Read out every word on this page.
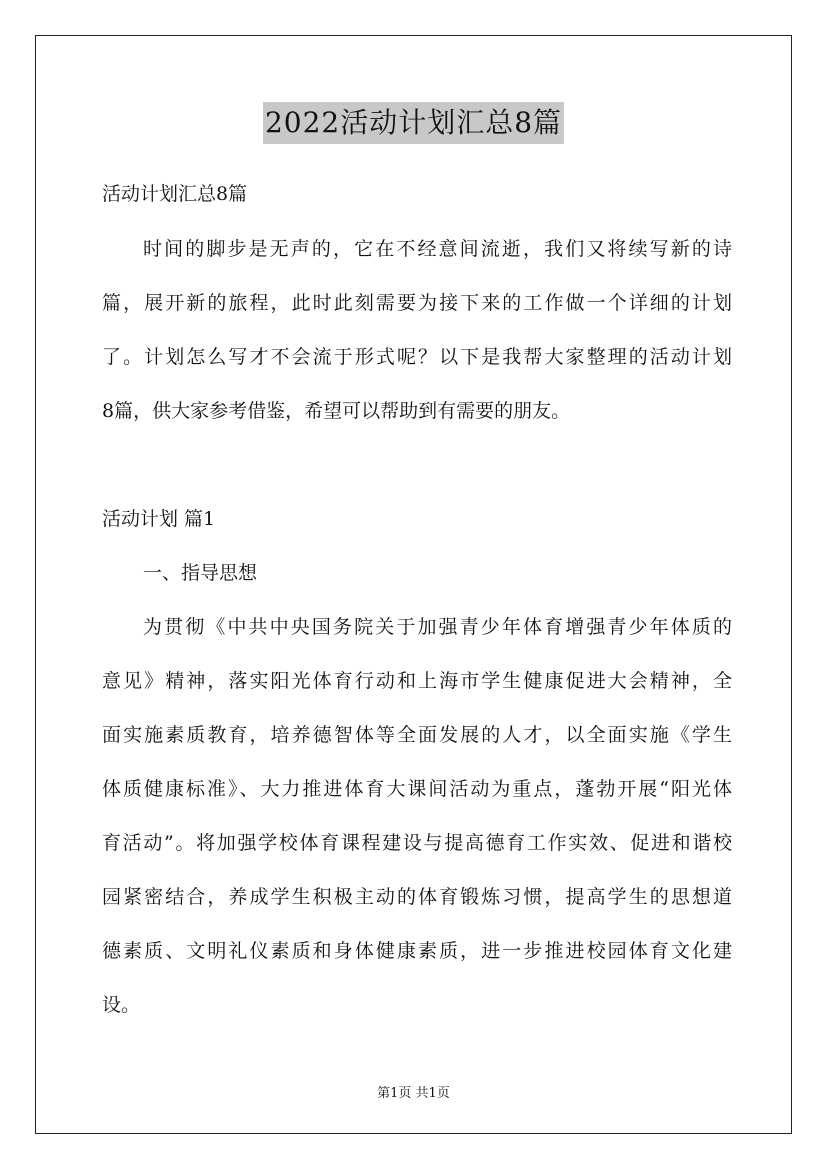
2022活动计划汇总8篇

活动计划汇总8篇

时间的脚步是无声的，它在不经意间流逝，我们又将续写新的诗

篇，展开新的旅程，此时此刻需要为接下来的工作做一个详细的计划

了。计划怎么写才不会流于形式呢？以下是我帮大家整理的活动计划

8篇，供大家参考借鉴，希望可以帮助到有需要的朋友。

活动计划 篇1

一、指导思想

为贯彻《中共中央国务院关于加强青少年体育增强青少年体质的

意见》精神，落实阳光体育行动和上海市学生健康促进大会精神，全

面实施素质教育，培养德智体等全面发展的人才，以全面实施《学生

体质健康标准》、大力推进体育大课间活动为重点，蓬勃开展“阳光体

育活动”。将加强学校体育课程建设与提高德育工作实效、促进和谐校

园紧密结合，养成学生积极主动的体育锻炼习惯，提高学生的思想道

德素质、文明礼仪素质和身体健康素质，进一步推进校园体育文化建

设。

第1页 共1页
